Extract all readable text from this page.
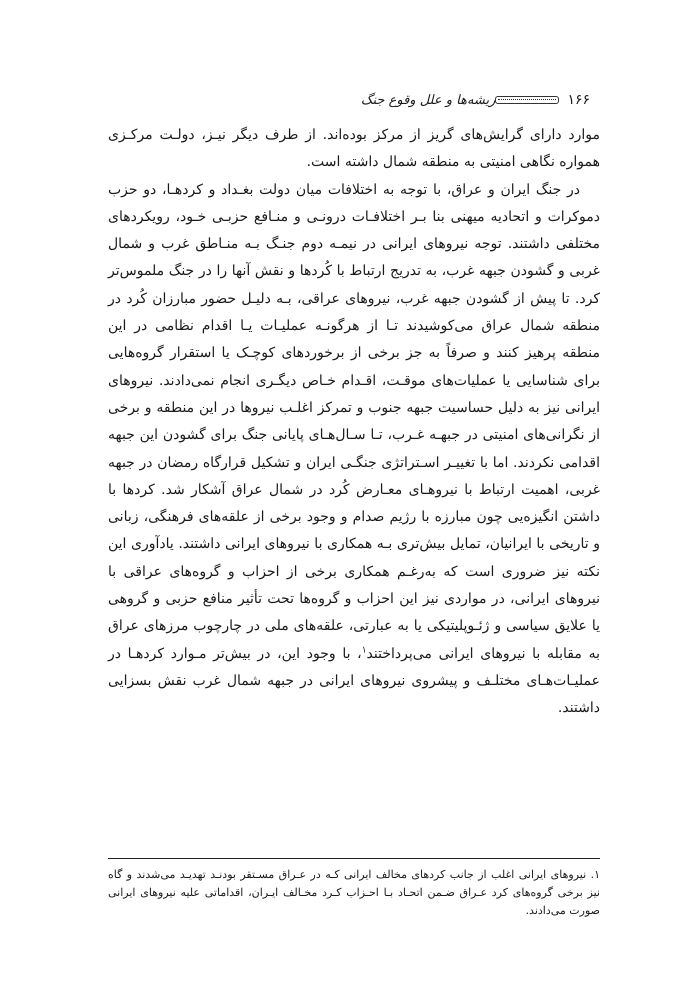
ریشه‌ها و علل وقوع جنگ	۱۶۶

موارد دارای گرایش‌های گریز از مرکز بوده‌اند. از طرف دیگر نیـز، دولـت مرکـزی همواره نگاهی امنیتی به منطقه شمال داشته است.

در جنگ ایران و عراق، با توجه به اختلافات میان دولت بغـداد و کردهـا، دو حزب دموکرات و اتحادیه میهنی بنا بـر اختلافـات درونـی و منـافع حزبـی خـود، رویکردهای مختلفی داشتند. توجه نیروهای ایرانی در نیمـه دوم جنـگ بـه منـاطق غرب و شمال غربی و گشودن جبهه غرب، به تدریج ارتباط با کُردها و نقش آنها را در جنگ ملموس‌تر کرد. تا پیش از گشودن جبهه غرب، نیروهای عراقی، بـه دلیـل حضور مبارزان کُرد در منطقه شمال عراق می‌کوشیدند تـا از هرگونـه عملیـات یـا اقدام نظامی در این منطقه پرهیز کنند و صرفاً به جز برخی از برخوردهای کوچـک یا استقرار گروه‌هایی برای شناسایی یا عملیات‌های موقـت، اقـدام خـاص دیگـری انجام نمی‌دادند. نیروهای ایرانی نیز به دلیل حساسیت جبهه جنوب و تمرکز اغلـب نیروها در این منطقه و برخی از نگرانی‌های امنیتی در جبهـه غـرب، تـا سـال‌هـای پایانی جنگ برای گشودن این جبهه اقدامی نکردند. اما با تغییـر اسـتراتژی جنگـی ایران و تشکیل قرارگاه رمضان در جبهه غربی، اهمیت ارتباط با نیروهـای معـارض کُرد در شمال عراق آشکار شد. کردها با داشتن انگیزه‌یی چون مبارزه با رژیم صدام و وجود برخی از علقه‌های فرهنگی، زبانی و تاریخی با ایرانیان، تمایل بیش‌تری بـه همکاری با نیروهای ایرانی داشتند. یادآوری این نکته نیز ضروری است که به‌رغـم همکاری برخی از احزاب و گروه‌های عراقی با نیروهای ایرانی، در مواردی نیز این احزاب و گروه‌ها تحت تأثیر منافع حزبی و گروهی یا علایق سیاسی و ژئـوپلیتیکی یا به عبارتی، علقه‌های ملی در چارچوب مرزهای عراق به مقابله با نیروهای ایرانی می‌پرداختند$^۱$، با وجود این، در بیش‌تر مـوارد کردهـا در عملیـات‌هـای مختلـف و پیشروی نیروهای ایرانی در جبهه شمال غرب نقش بسزایی داشتند.

۱. نیروهای ایرانی اغلب از جانب کردهای مخالف ایرانی کـه در عـراق مسـتقر بودنـد تهدیـد می‌شدند و گاه نیز برخی گروه‌های کرد عـراق ضـمن اتحـاد بـا احـزاب کـرد مخـالف ایـران، اقداماتی علیه نیروهای ایرانی صورت می‌دادند.
